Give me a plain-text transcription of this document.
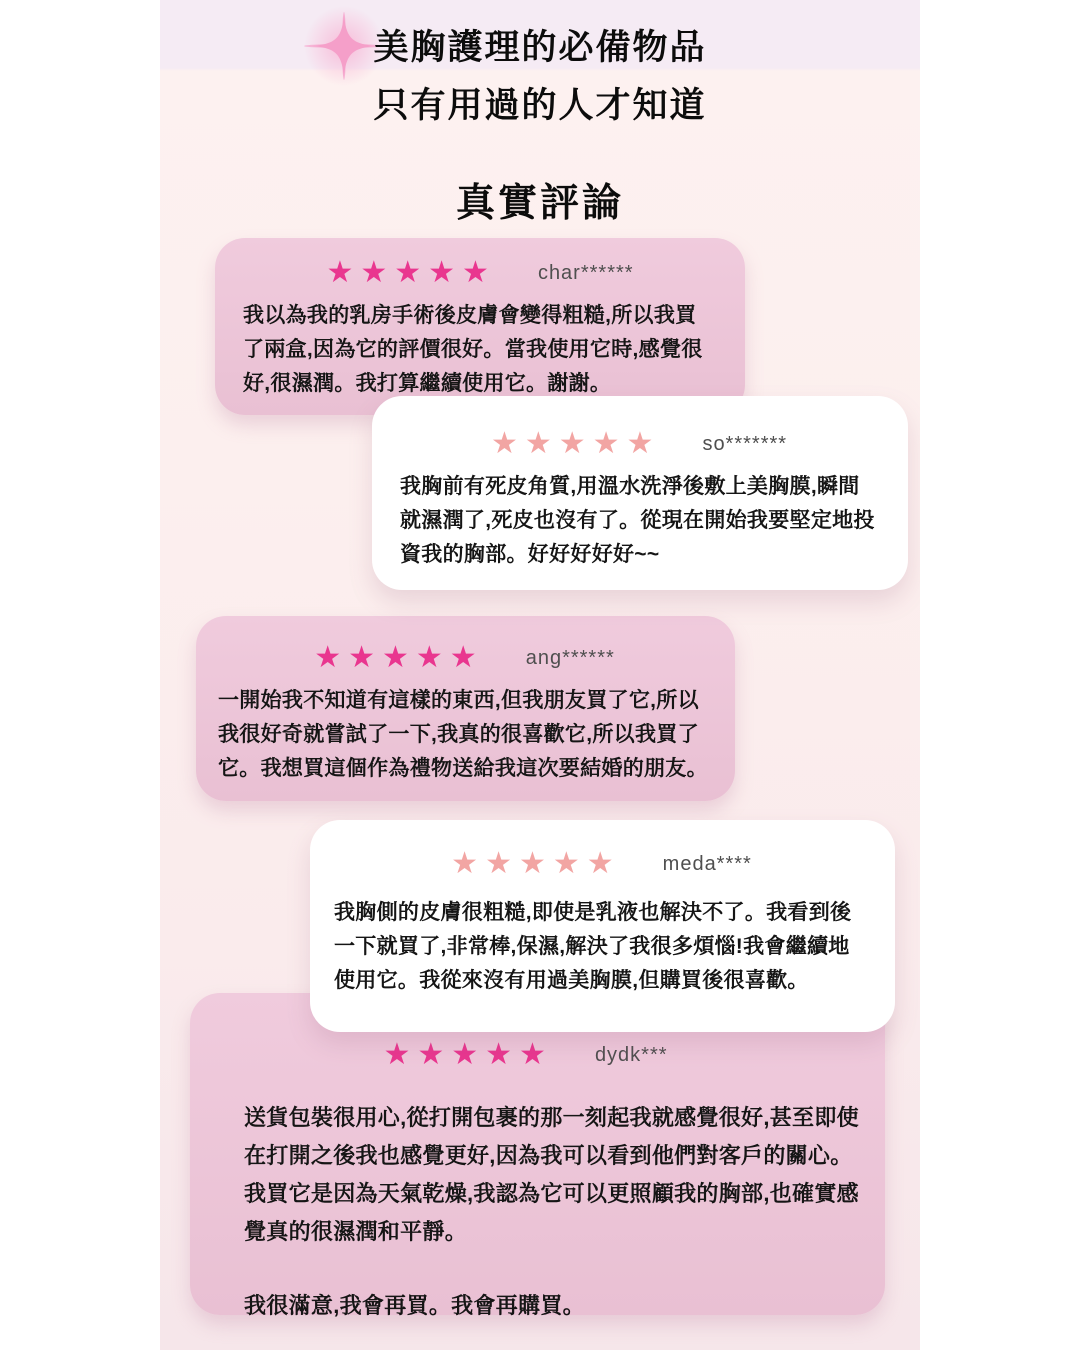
美胸護理的必備物品
只有用過的人才知道
真實評論
★★★★★ char******

我以為我的乳房手術後皮膚會變得粗糙,所以我買了兩盒,因為它的評價很好。當我使用它時,感覺很好,很濕潤。我打算繼續使用它。謝謝。

★★★★★ so*******

我胸前有死皮角質,用溫水洗淨後敷上美胸膜,瞬間就濕潤了,死皮也沒有了。從現在開始我要堅定地投資我的胸部。好好好好好~~

★★★★★ ang******

一開始我不知道有這樣的東西,但我朋友買了它,所以我很好奇就嘗試了一下,我真的很喜歡它,所以我買了它。我想買這個作為禮物送給我這次要結婚的朋友。

★★★★★ dydk***

送貨包裝很用心,從打開包裹的那一刻起我就感覺很好,甚至即使在打開之後我也感覺更好,因為我可以看到他們對客戶的關心。我買它是因為天氣乾燥,我認為它可以更照顧我的胸部,也確實感覺真的很濕潤和平靜。

我很滿意,我會再買。我會再購買。

★★★★★ meda****

我胸側的皮膚很粗糙,即使是乳液也解決不了。我看到後一下就買了,非常棒,保濕,解決了我很多煩惱!我會繼續地使用它。我從來沒有用過美胸膜,但購買後很喜歡。
